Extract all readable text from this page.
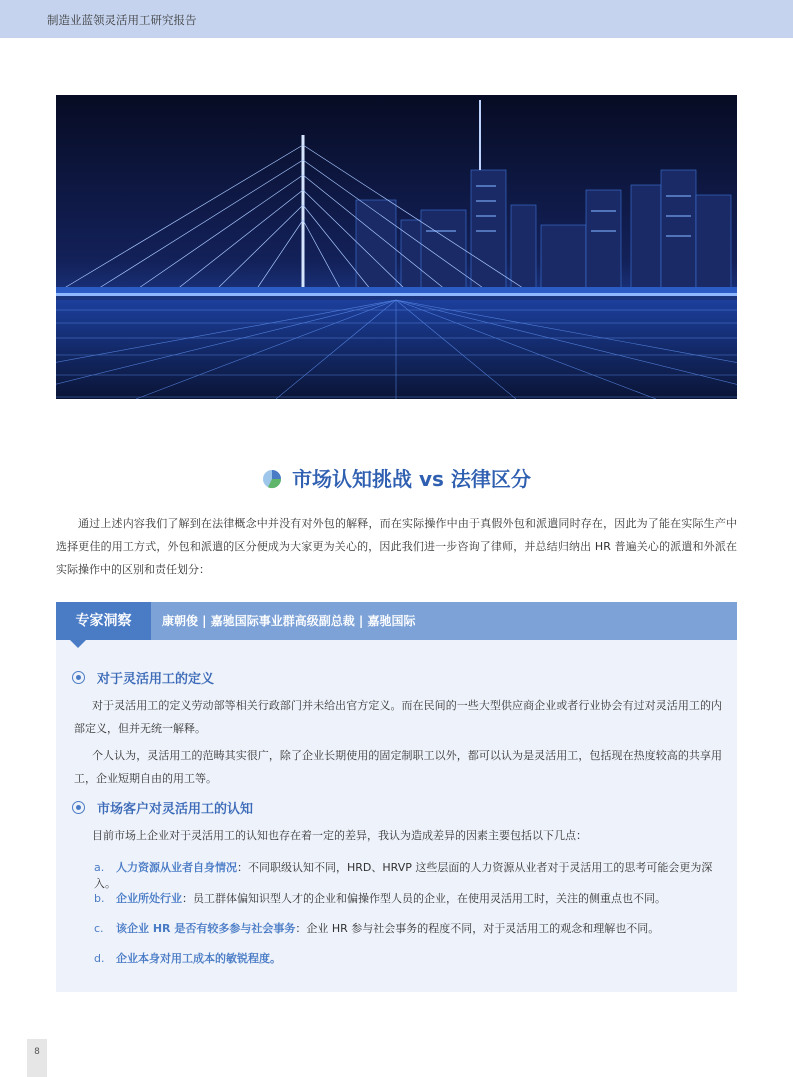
制造业蓝领灵活用工研究报告
市场认知挑战 vs 法律区分
通过上述内容我们了解到在法律概念中并没有对外包的解释，而在实际操作中由于真假外包和派遣同时存在，因此为了能在实际生产中选择更佳的用工方式，外包和派遣的区分便成为大家更为关心的，因此我们进一步咨询了律师，并总结归纳出 HR 普遍关心的派遣和外派在实际操作中的区别和责任划分：
专家洞察	康朝俊 | 嘉驰国际事业群高级副总裁 | 嘉驰国际
对于灵活用工的定义
对于灵活用工的定义劳动部等相关行政部门并未给出官方定义。而在民间的一些大型供应商企业或者行业协会有过对灵活用工的内部定义，但并无统一解释。
个人认为，灵活用工的范畴其实很广，除了企业长期使用的固定制职工以外，都可以认为是灵活用工，包括现在热度较高的共享用工，企业短期自由的用工等。
市场客户对灵活用工的认知
目前市场上企业对于灵活用工的认知也存在着一定的差异，我认为造成差异的因素主要包括以下几点：
a. 人力资源从业者自身情况：不同职级认知不同，HRD、HRVP 这些层面的人力资源从业者对于灵活用工的思考可能会更为深入。
b. 企业所处行业：员工群体偏知识型人才的企业和偏操作型人员的企业，在使用灵活用工时，关注的侧重点也不同。
c. 该企业 HR 是否有较多参与社会事务：企业 HR 参与社会事务的程度不同，对于灵活用工的观念和理解也不同。
d. 企业本身对用工成本的敏锐程度。
8
